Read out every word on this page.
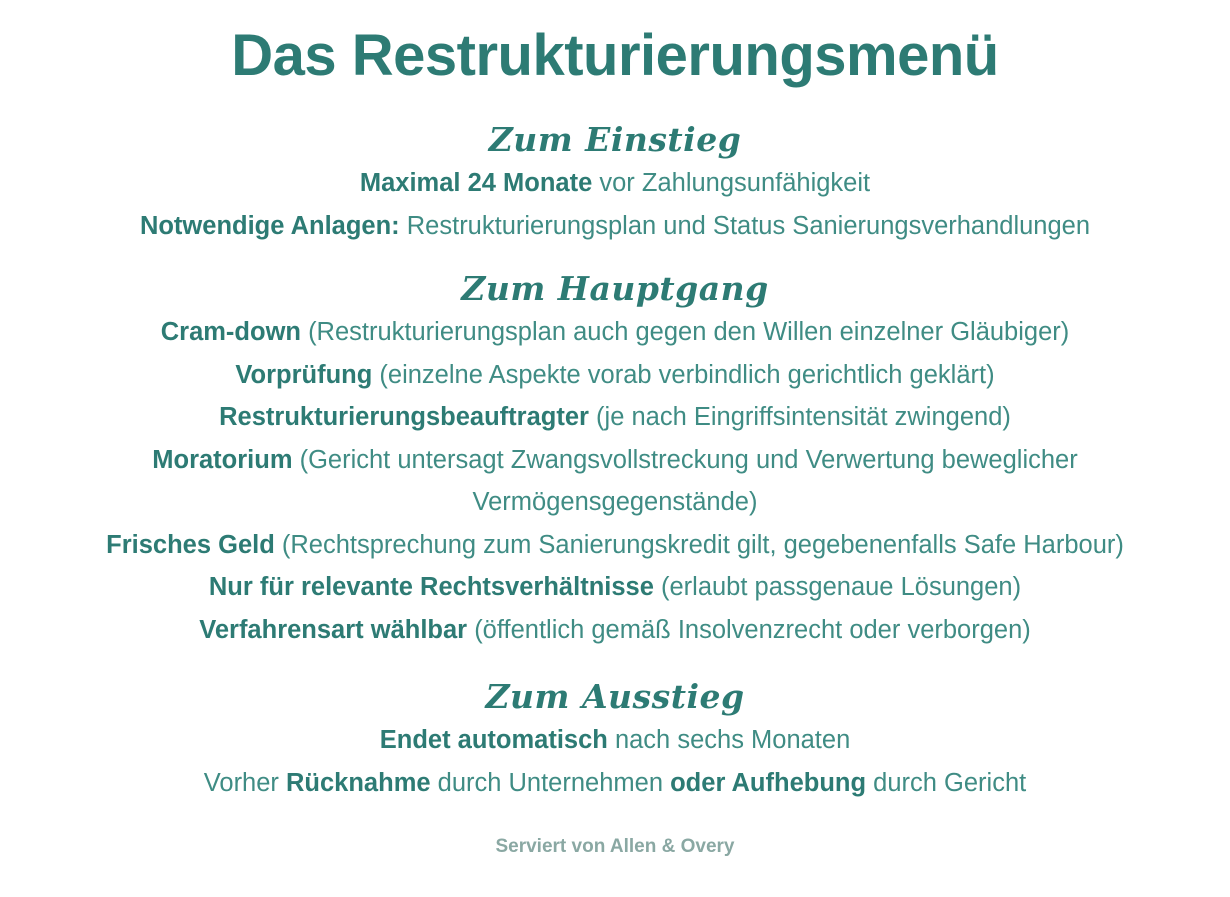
Das Restrukturierungsmenü
Zum Einstieg
Maximal 24 Monate vor Zahlungsunfähigkeit
Notwendige Anlagen: Restrukturierungsplan und Status Sanierungsverhandlungen
Zum Hauptgang
Cram-down (Restrukturierungsplan auch gegen den Willen einzelner Gläubiger)
Vorprüfung (einzelne Aspekte vorab verbindlich gerichtlich geklärt)
Restrukturierungsbeauftragter (je nach Eingriffsintensität zwingend)
Moratorium (Gericht untersagt Zwangsvollstreckung und Verwertung beweglicher
Vermögensgegenstände)
Frisches Geld (Rechtsprechung zum Sanierungskredit gilt, gegebenenfalls Safe Harbour)
Nur für relevante Rechtsverhältnisse (erlaubt passgenaue Lösungen)
Verfahrensart wählbar (öffentlich gemäß Insolvenzrecht oder verborgen)
Zum Ausstieg
Endet automatisch nach sechs Monaten
Vorher Rücknahme durch Unternehmen oder Aufhebung durch Gericht
Serviert von Allen & Overy
